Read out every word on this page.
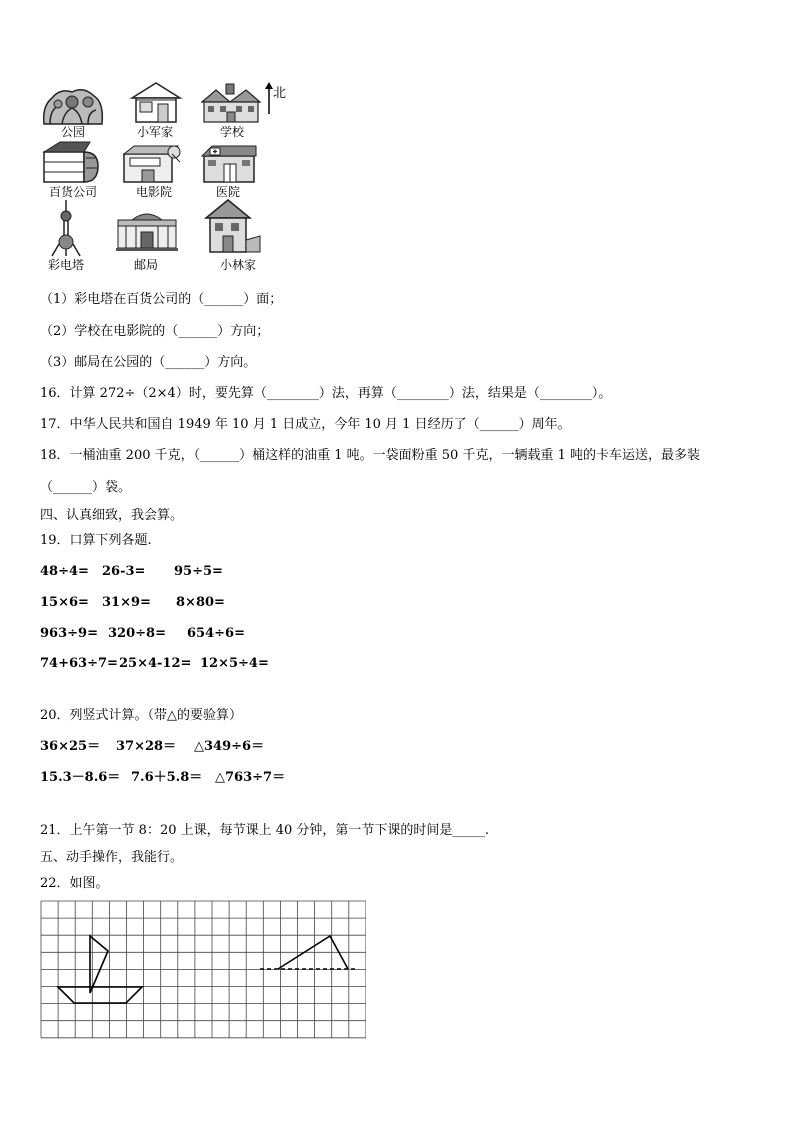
公园	小军家	学校
北
百货公司	电影院	医院
彩电塔	邮局	小林家
（1）彩电塔在百货公司的（______）面；
（2）学校在电影院的（______）方向；
（3）邮局在公园的（______）方向。
16．计算 272÷（2×4）时，要先算（________）法，再算（________）法，结果是（________）。
17．中华人民共和国自 1949 年 10 月 1 日成立，今年 10 月 1 日经历了（______）周年。
18．一桶油重 200 千克，（______）桶这样的油重 1 吨。一袋面粉重 50 千克，一辆载重 1 吨的卡车运送，最多装
（______）袋。
四、认真细致，我会算。
19．口算下列各题.
48÷4= 26-3= 95÷5=
15×6= 31×9= 8×80=
963÷9= 320÷8= 654÷6=
74+63÷7= 25×4-12= 12×5÷4=
20．列竖式计算。（带△的要验算）
36×25＝ 37×28＝ △349÷6＝
15.3－8.6＝ 7.6＋5.8＝ △763÷7＝
21．上午第一节 8：20 上课，每节课上 40 分钟，第一节下课的时间是_____.
五、动手操作，我能行。
22．如图。
